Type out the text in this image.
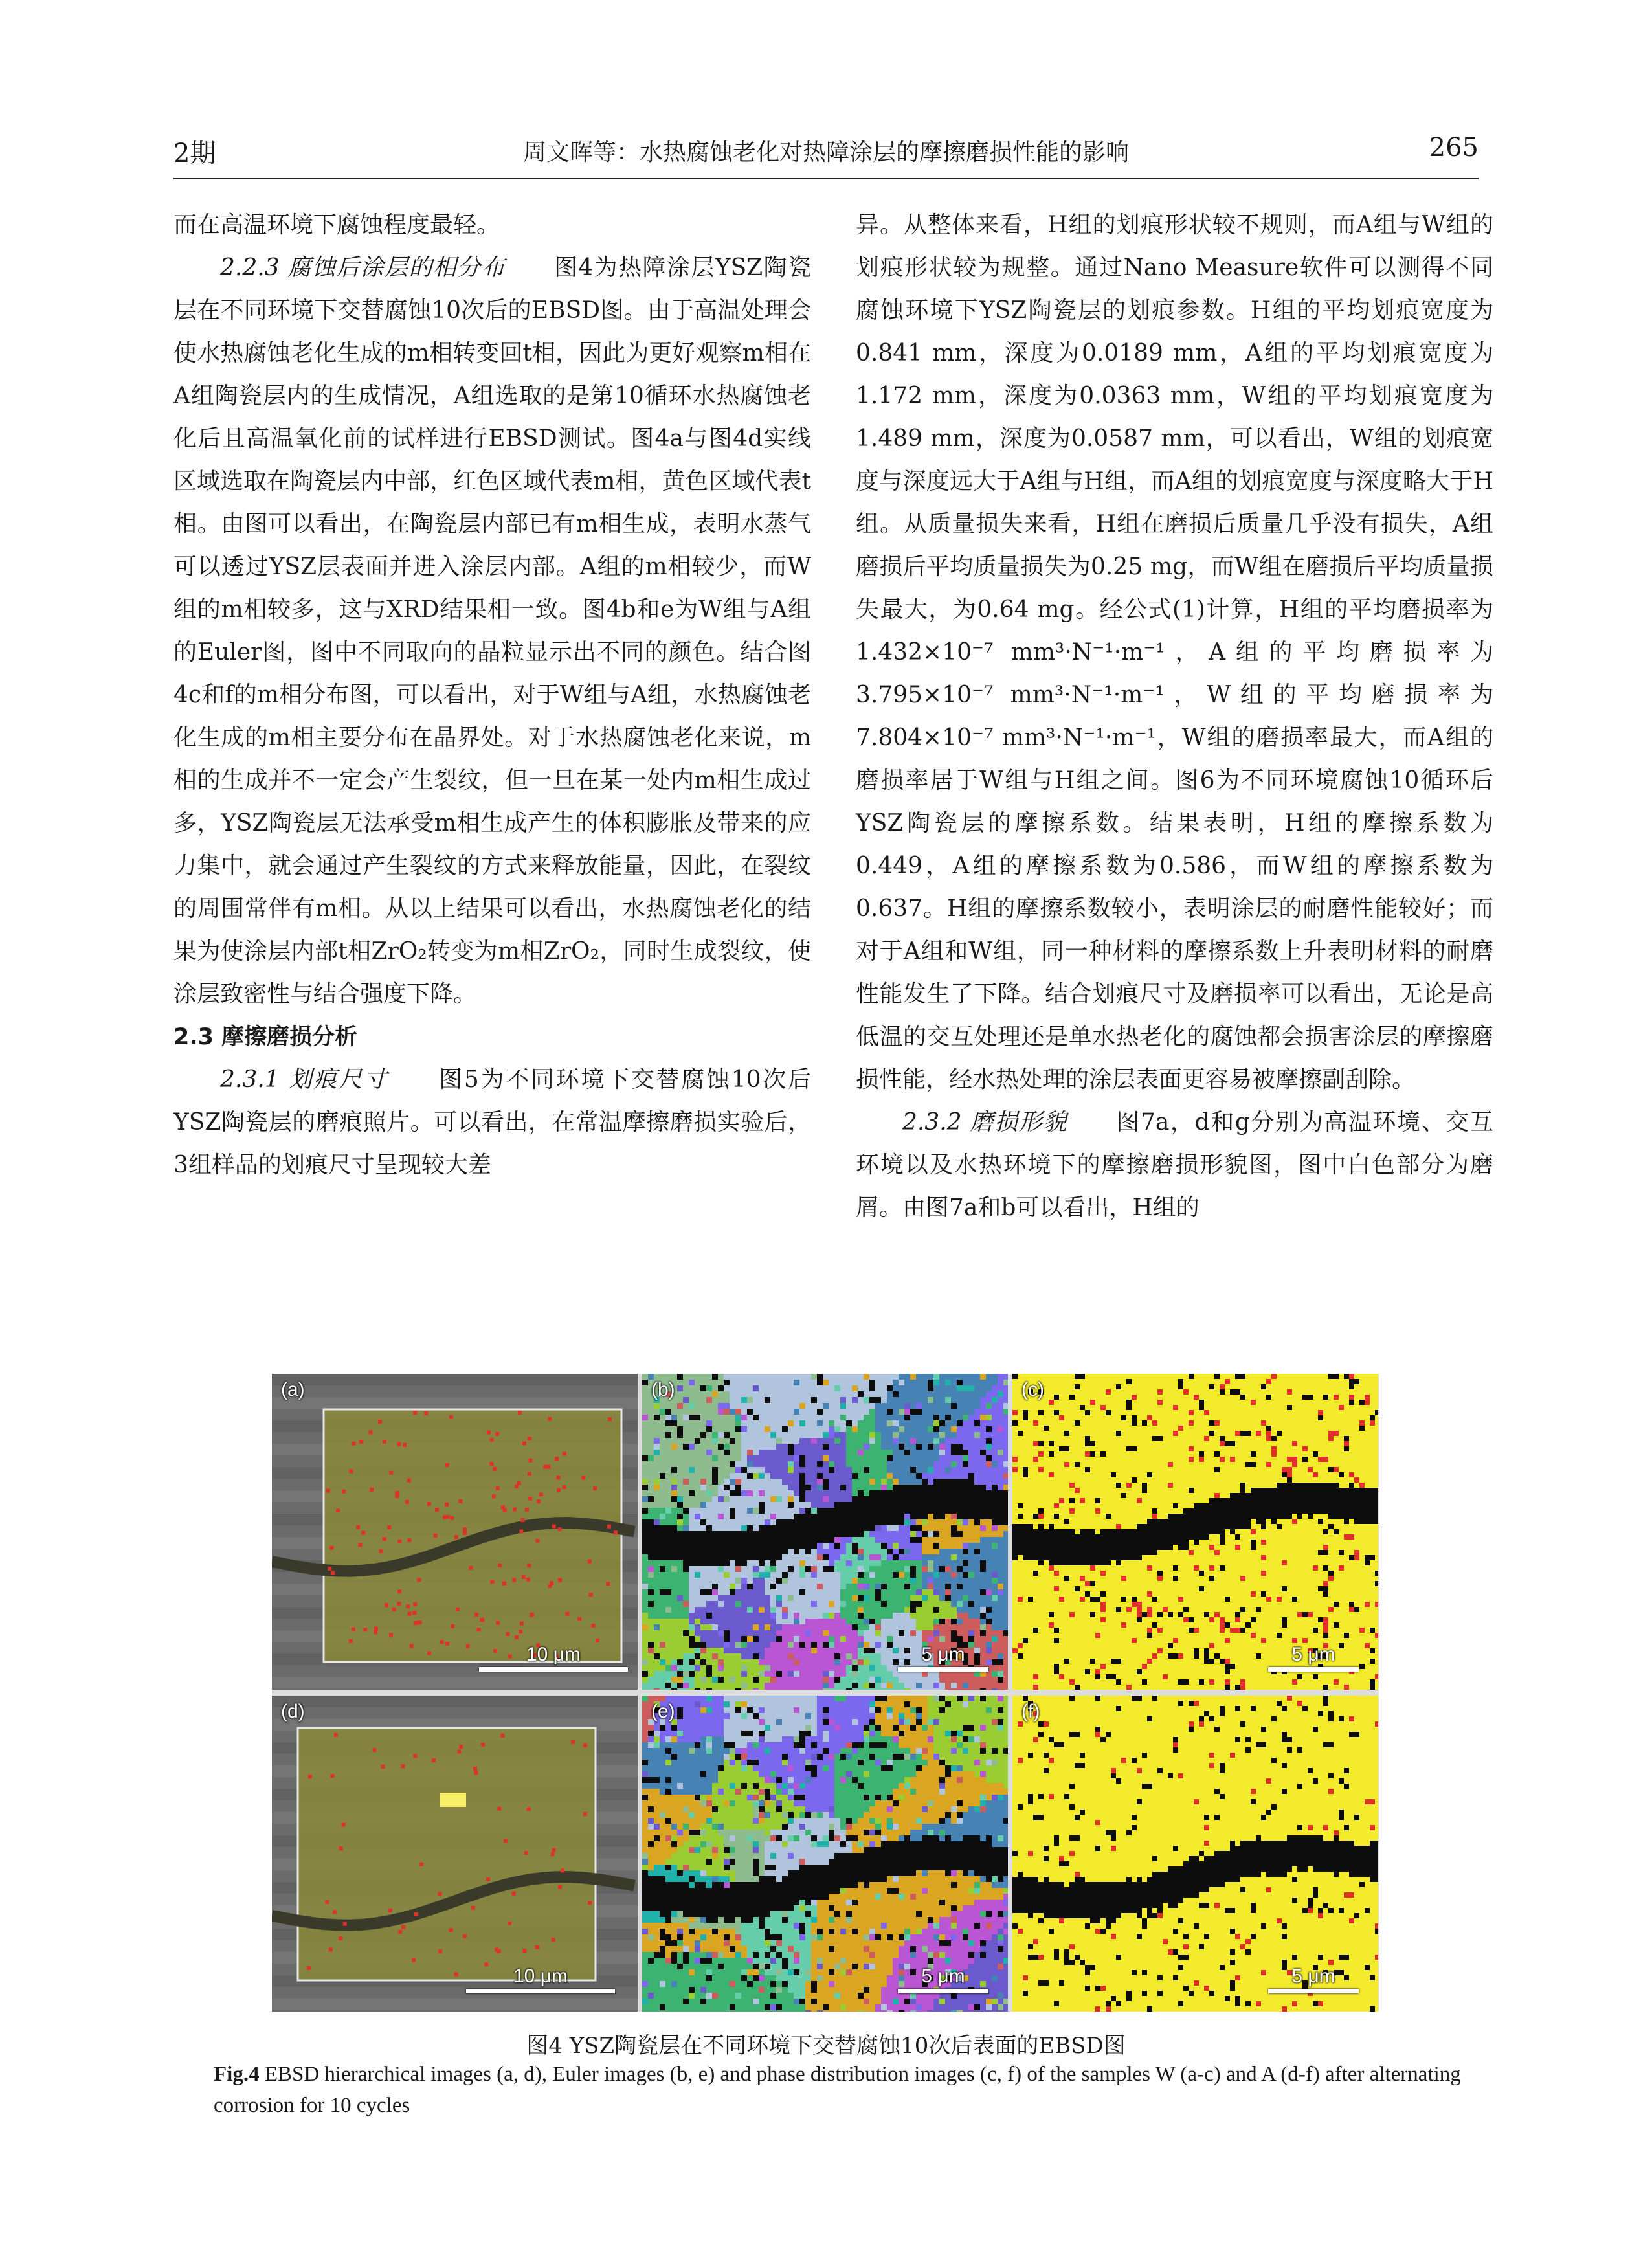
2期	周文晖等：水热腐蚀老化对热障涂层的摩擦磨损性能的影响	265

而在高温环境下腐蚀程度最轻。

2.2.3 腐蚀后涂层的相分布　　 图4为热障涂层YSZ陶瓷层在不同环境下交替腐蚀10次后的EBSD图。由于高温处理会使水热腐蚀老化生成的m相转变回t相，因此为更好观察m相在A组陶瓷层内的生成情况，A组选取的是第10循环水热腐蚀老化后且高温氧化前的试样进行EBSD测试。图4a与图4d实线区域选取在陶瓷层内中部，红色区域代表m相，黄色区域代表t相。由图可以看出，在陶瓷层内部已有m相生成，表明水蒸气可以透过YSZ层表面并进入涂层内部。A组的m相较少，而W组的m相较多，这与XRD结果相一致。图4b和e为W组与A组的Euler图，图中不同取向的晶粒显示出不同的颜色。结合图4c和f的m相分布图，可以看出，对于W组与A组，水热腐蚀老化生成的m相主要分布在晶界处。对于水热腐蚀老化来说，m相的生成并不一定会产生裂纹，但一旦在某一处内m相生成过多，YSZ陶瓷层无法承受m相生成产生的体积膨胀及带来的应力集中，就会通过产生裂纹的方式来释放能量，因此，在裂纹的周围常伴有m相。从以上结果可以看出，水热腐蚀老化的结果为使涂层内部t相ZrO₂转变为m相ZrO₂，同时生成裂纹，使涂层致密性与结合强度下降。

2.3 摩擦磨损分析

2.3.1 划痕尺寸　　 图5为不同环境下交替腐蚀10次后YSZ陶瓷层的磨痕照片。可以看出，在常温摩擦磨损实验后，3组样品的划痕尺寸呈现较大差

异。从整体来看，H组的划痕形状较不规则，而A组与W组的划痕形状较为规整。通过Nano Measure软件可以测得不同腐蚀环境下YSZ陶瓷层的划痕参数。H组的平均划痕宽度为0.841 mm，深度为0.0189 mm，A组的平均划痕宽度为1.172 mm，深度为0.0363 mm，W组的平均划痕宽度为1.489 mm，深度为0.0587 mm，可以看出，W组的划痕宽度与深度远大于A组与H组，而A组的划痕宽度与深度略大于H组。从质量损失来看，H组在磨损后质量几乎没有损失，A组磨损后平均质量损失为0.25 mg，而W组在磨损后平均质量损失最大，为0.64 mg。经公式(1)计算，H组的平均磨损率为1.432×10⁻⁷ mm³·N⁻¹·m⁻¹，A组的平均磨损率为3.795×10⁻⁷ mm³·N⁻¹·m⁻¹，W组的平均磨损率为7.804×10⁻⁷ mm³·N⁻¹·m⁻¹，W组的磨损率最大，而A组的磨损率居于W组与H组之间。图6为不同环境腐蚀10循环后YSZ陶瓷层的摩擦系数。结果表明，H组的摩擦系数为0.449，A组的摩擦系数为0.586，而W组的摩擦系数为0.637。H组的摩擦系数较小，表明涂层的耐磨性能较好；而对于A组和W组，同一种材料的摩擦系数上升表明材料的耐磨性能发生了下降。结合划痕尺寸及磨损率可以看出，无论是高低温的交互处理还是单水热老化的腐蚀都会损害涂层的摩擦磨损性能，经水热处理的涂层表面更容易被摩擦副刮除。

2.3.2 磨损形貌　　 图7a，d和g分别为高温环境、交互环境以及水热环境下的摩擦磨损形貌图，图中白色部分为磨屑。由图7a和b可以看出，H组的

(a)
10 μm
(b)
5 μm
(c)
5 μm
(d)
10 μm
(e)
5 μm
(f)
5 μm
图4 YSZ陶瓷层在不同环境下交替腐蚀10次后表面的EBSD图
Fig.4 EBSD hierarchical images (a, d), Euler images (b, e) and phase distribution images (c, f) of the samples W (a-c) and A (d-f) after alternating corrosion for 10 cycles
